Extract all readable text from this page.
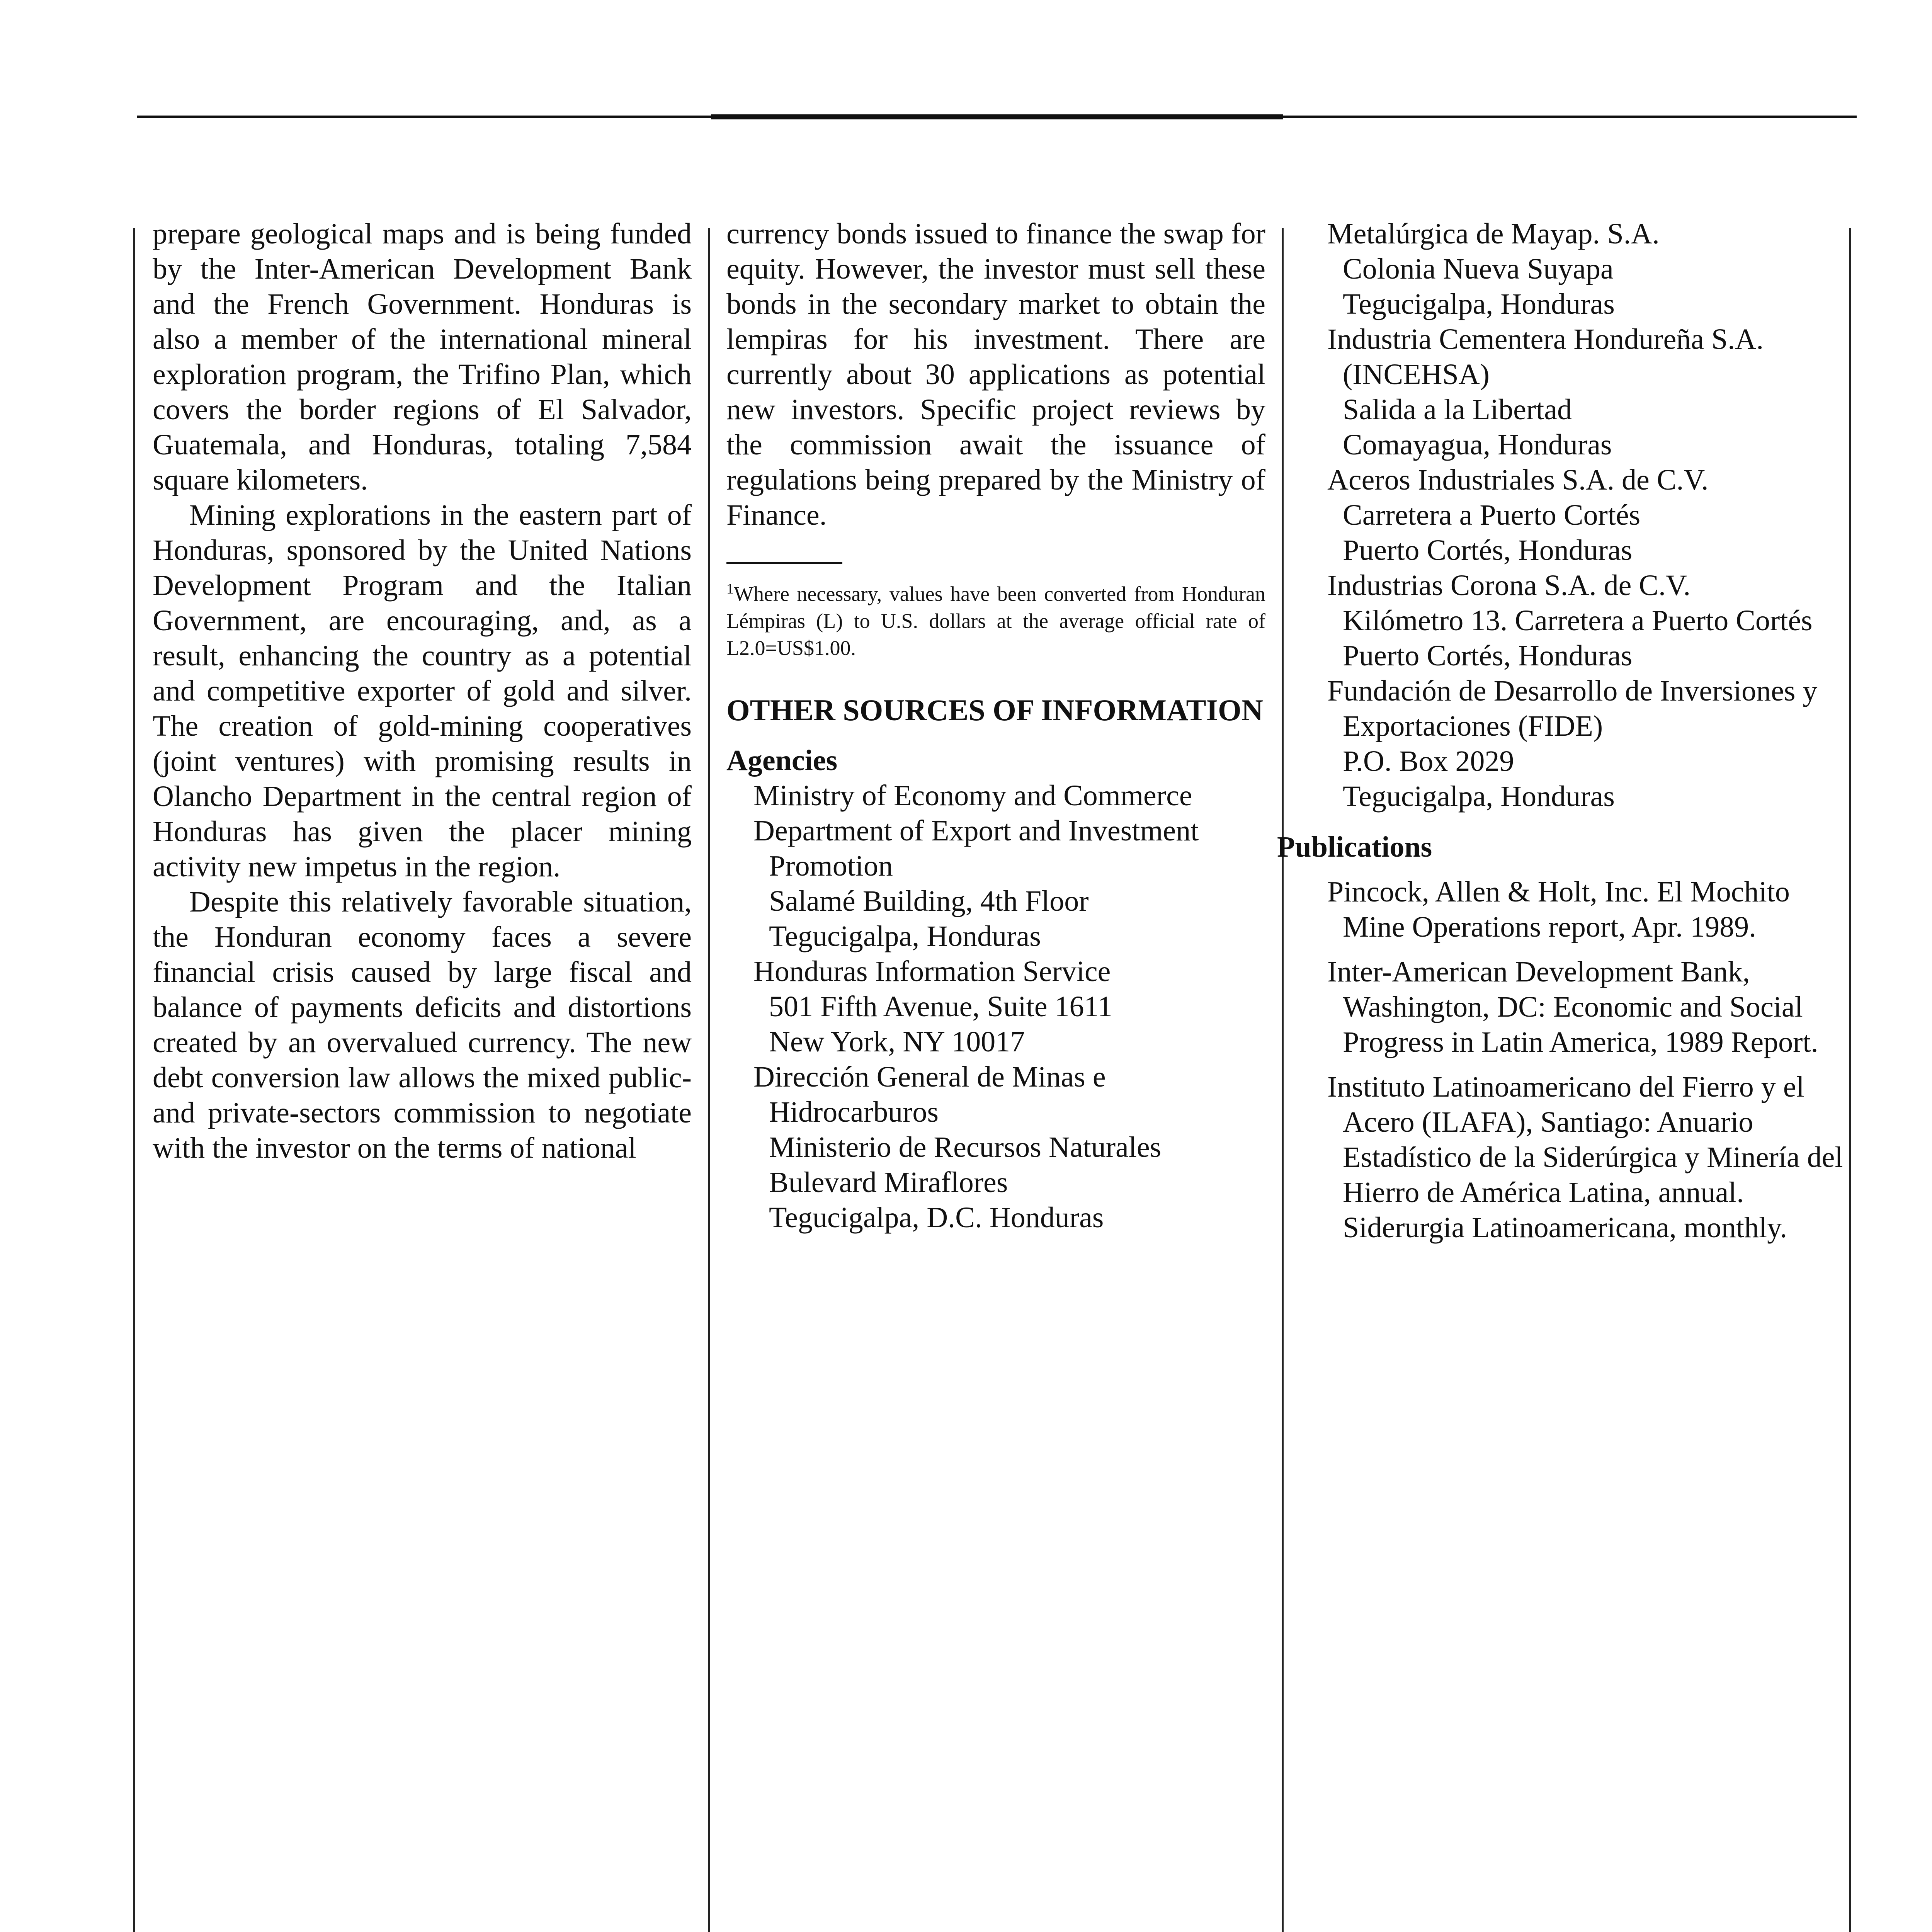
prepare geological maps and is being funded by the Inter-American Development Bank and the French Government. Honduras is also a member of the international mineral exploration program, the Trifino Plan, which covers the border regions of El Salvador, Guatemala, and Honduras, totaling 7,584 square kilometers.

Mining explorations in the eastern part of Honduras, sponsored by the United Nations Development Program and the Italian Government, are encouraging, and, as a result, enhancing the country as a potential and competitive exporter of gold and silver. The creation of gold-mining cooperatives (joint ventures) with promising results in Olancho Department in the central region of Honduras has given the placer mining activity new impetus in the region.

Despite this relatively favorable situation, the Honduran economy faces a severe financial crisis caused by large fiscal and balance of payments deficits and distortions created by an overvalued currency. The new debt conversion law allows the mixed public- and private-sectors commission to negotiate with the investor on the terms of national

currency bonds issued to finance the swap for equity. However, the investor must sell these bonds in the secondary market to obtain the lempiras for his investment. There are currently about 30 applications as potential new investors. Specific project reviews by the commission await the issuance of regulations being prepared by the Ministry of Finance.

$^1$Where necessary, values have been converted from Honduran Lémpiras (L) to U.S. dollars at the average official rate of L2.0=US$1.00.

OTHER SOURCES OF INFORMATION

Agencies

Ministry of Economy and Commerce

Department of Export and Investment Promotion

Salamé Building, 4th Floor

Tegucigalpa, Honduras

Honduras Information Service

501 Fifth Avenue, Suite 1611

New York, NY 10017

Dirección General de Minas e Hidrocarburos

Ministerio de Recursos Naturales

Bulevard Miraflores

Tegucigalpa, D.C. Honduras

Metalúrgica de Mayap. S.A.

Colonia Nueva Suyapa

Tegucigalpa, Honduras

Industria Cementera Hondureña S.A. (INCEHSA)

Salida a la Libertad

Comayagua, Honduras

Aceros Industriales S.A. de C.V.

Carretera a Puerto Cortés

Puerto Cortés, Honduras

Industrias Corona S.A. de C.V.

Kilómetro 13. Carretera a Puerto Cortés

Puerto Cortés, Honduras

Fundación de Desarrollo de Inversiones y Exportaciones (FIDE)

P.O. Box 2029

Tegucigalpa, Honduras

Publications

Pincock, Allen & Holt, Inc. El Mochito Mine Operations report, Apr. 1989.

Inter-American Development Bank, Washington, DC: Economic and Social Progress in Latin America, 1989 Report.

Instituto Latinoamericano del Fierro y el Acero (ILAFA), Santiago: Anuario Estadístico de la Siderúrgica y Minería del Hierro de América Latina, annual.

Siderurgia Latinoamericana, monthly.
